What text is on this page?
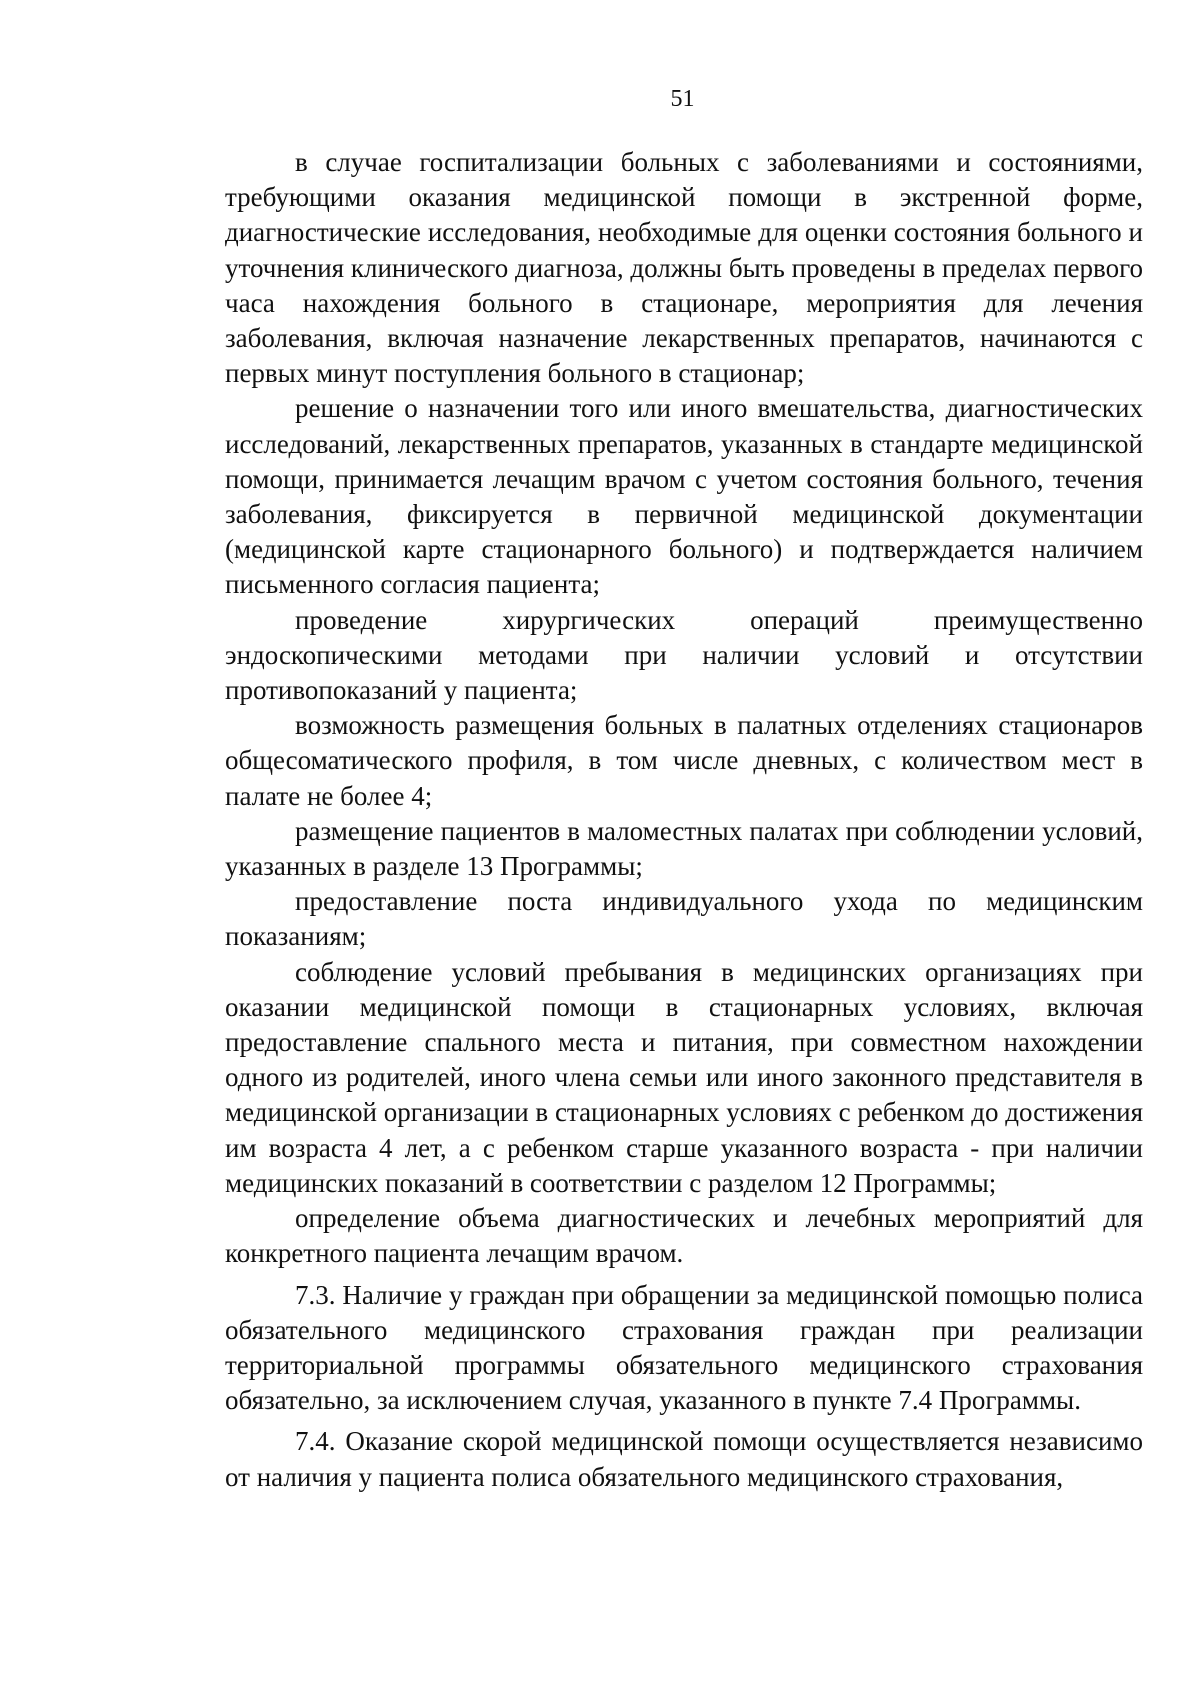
51

в случае госпитализации больных с заболеваниями и состояниями, требующими оказания медицинской помощи в экстренной форме, диагностические исследования, необходимые для оценки состояния больного и уточнения клинического диагноза, должны быть проведены в пределах первого часа нахождения больного в стационаре, мероприятия для лечения заболевания, включая назначение лекарственных препаратов, начинаются с первых минут поступления больного в стационар;

решение о назначении того или иного вмешательства, диагностических исследований, лекарственных препаратов, указанных в стандарте медицинской помощи, принимается лечащим врачом с учетом состояния больного, течения заболевания, фиксируется в первичной медицинской документации (медицинской карте стационарного больного) и подтверждается наличием письменного согласия пациента;

проведение хирургических операций преимущественно эндоскопическими методами при наличии условий и отсутствии противопоказаний у пациента;

возможность размещения больных в палатных отделениях стационаров общесоматического профиля, в том числе дневных, с количеством мест в палате не более 4;

размещение пациентов в маломестных палатах при соблюдении условий, указанных в разделе 13 Программы;

предоставление поста индивидуального ухода по медицинским показаниям;

соблюдение условий пребывания в медицинских организациях при оказании медицинской помощи в стационарных условиях, включая предоставление спального места и питания, при совместном нахождении одного из родителей, иного члена семьи или иного законного представителя в медицинской организации в стационарных условиях с ребенком до достижения им возраста 4 лет, а с ребенком старше указанного возраста - при наличии медицинских показаний в соответствии с разделом 12 Программы;

определение объема диагностических и лечебных мероприятий для конкретного пациента лечащим врачом.

7.3. Наличие у граждан при обращении за медицинской помощью полиса обязательного медицинского страхования граждан при реализации территориальной программы обязательного медицинского страхования обязательно, за исключением случая, указанного в пункте 7.4 Программы.

7.4. Оказание скорой медицинской помощи осуществляется независимо от наличия у пациента полиса обязательного медицинского страхования,
